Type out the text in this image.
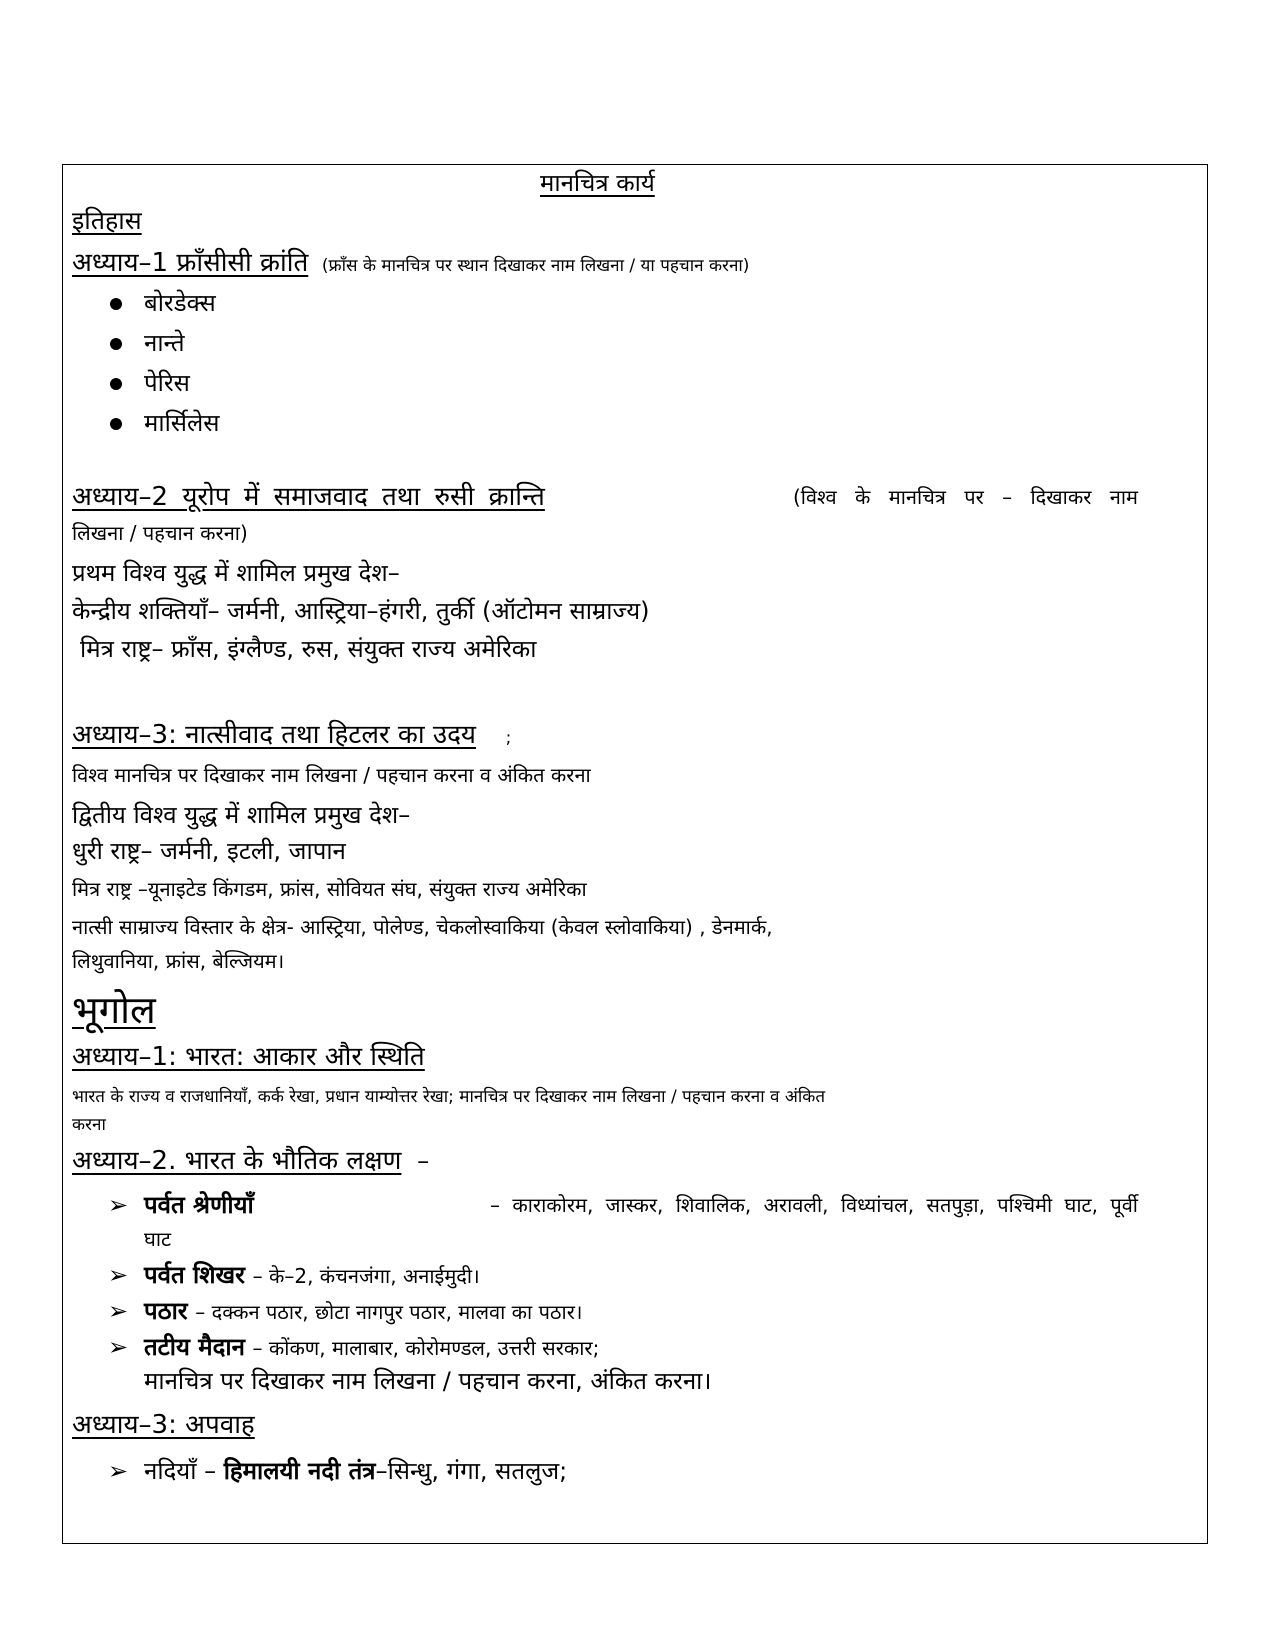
मानचित्र कार्य
इतिहास
अध्याय–1 फ्रॉंसीसी क्रांति (फ्रॉंस के मानचित्र पर स्थान दिखाकर नाम लिखना / या पहचान करना)
बोरडेक्स
नान्ते
पेरिस
मार्सिलेस
अध्याय–2 यूरोप में समाजवाद तथा रुसी क्रान्ति	(विश्व के मानचित्र पर – दिखाकर नाम
लिखना / पहचान करना)
प्रथम विश्व युद्ध में शामिल प्रमुख देश–
केन्द्रीय शक्तियाँ– जर्मनी, आस्ट्रिया–हंगरी, तुर्की (ऑटोमन साम्राज्य)
मित्र राष्ट्र– फ्रॉंस, इंग्लैण्ड, रुस, संयुक्त राज्य अमेरिका
अध्याय–3: नात्सीवाद तथा हिटलर का उदय ;
विश्व मानचित्र पर दिखाकर नाम लिखना / पहचान करना व अंकित करना
द्वितीय विश्व युद्ध में शामिल प्रमुख देश–
धुरी राष्ट्र– जर्मनी, इटली, जापान
मित्र राष्ट्र –यूनाइटेड किंगडम, फ्रांस, सोवियत संघ, संयुक्त राज्य अमेरिका
नात्सी साम्राज्य विस्तार के क्षेत्र- आस्ट्रिया, पोलेण्ड, चेकलोस्वाकिया (केवल स्लोवाकिया) , डेनमार्क,
लिथुवानिया, फ्रांस, बेल्जियम।
भूगोल
अध्याय–1: भारत: आकार और स्थिति
भारत के राज्य व राजधानियाँ, कर्क रेखा, प्रधान याम्योत्तर रेखा; मानचित्र पर दिखाकर नाम लिखना / पहचान करना व अंकित
करना
अध्याय–2. भारत के भौतिक लक्षण –
➢ पर्वत श्रेणीयाँ	– काराकोरम, जास्कर, शिवालिक, अरावली, विध्यांचल, सतपुड़ा, पश्चिमी घाट, पूर्वी
घाट
➢ पर्वत शिखर – के–2, कंचनजंगा, अनाईमुदी।
➢ पठार – दक्कन पठार, छोटा नागपुर पठार, मालवा का पठार।
➢ तटीय मैदान – कोंकण, मालाबार, कोरोमण्डल, उत्तरी सरकार;
मानचित्र पर दिखाकर नाम लिखना / पहचान करना, अंकित करना।
अध्याय–3: अपवाह
➢ नदियाँ – हिमालयी नदी तंत्र–सिन्धु, गंगा, सतलुज;
